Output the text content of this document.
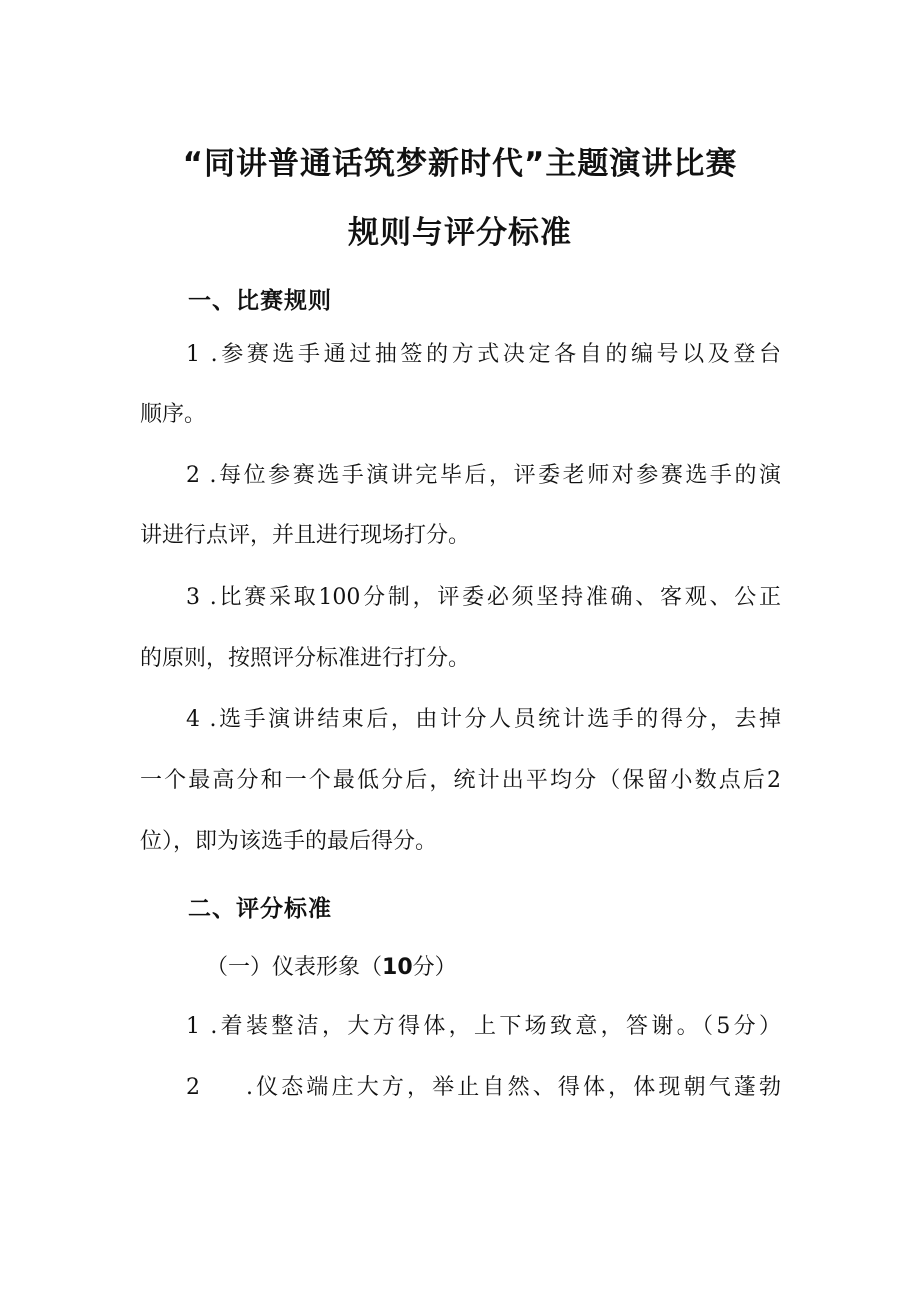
“同讲普通话筑梦新时代”主题演讲比赛
规则与评分标准
一、比赛规则
1 .参赛选手通过抽签的方式决定各自的编号以及登台
顺序。
2 .每位参赛选手演讲完毕后，评委老师对参赛选手的演
讲进行点评，并且进行现场打分。
3 .比赛采取100分制，评委必须坚持准确、客观、公正
的原则，按照评分标准进行打分。
4 .选手演讲结束后，由计分人员统计选手的得分，去掉
一个最高分和一个最低分后，统计出平均分（保留小数点后2
位），即为该选手的最后得分。
二、评分标准
（一）仪表形象（10分）
1 .着装整洁，大方得体，上下场致意，答谢。（5分）
2 .仪态端庄大方，举止自然、得体，体现朝气蓬勃
